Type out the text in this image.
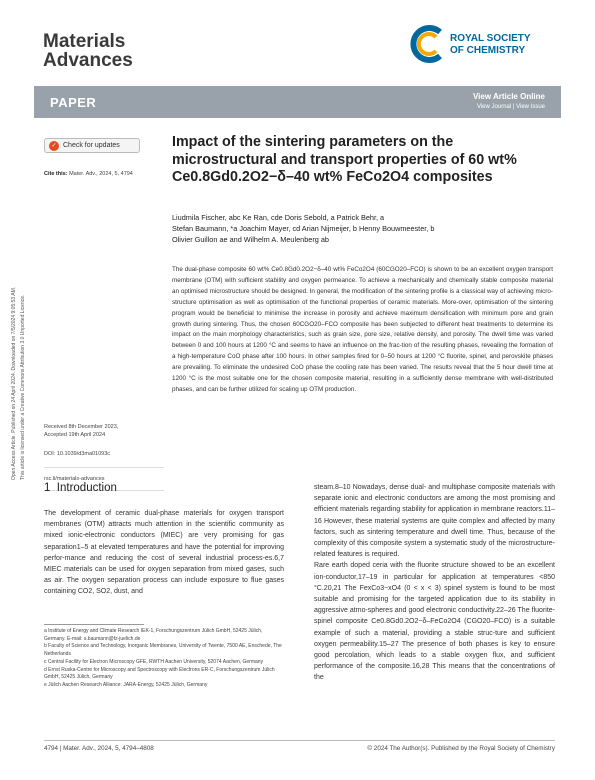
Materials
Advances
ROYAL SOCIETY
OF CHEMISTRY
PAPER	View Article Online
View Journal | View Issue
✓ Check for updates
Cite this: Mater. Adv., 2024, 5, 4794
Impact of the sintering parameters on the microstructural and transport properties of 60 wt% Ce0.8Gd0.2O2−δ–40 wt% FeCo2O4 composites
Liudmila Fischer, abc Ke Ran, cde Doris Sebold, a Patrick Behr, a
Stefan Baumann, *a Joachim Mayer, cd Arian Nijmeijer, b Henny Bouwmeester, b
Olivier Guillon ae and Wilhelm A. Meulenberg ab
The dual-phase composite 60 wt% Ce0.8Gd0.2O2−δ–40 wt% FeCo2O4 (60CGO20–FCO) is shown to be an excellent oxygen transport membrane (OTM) with sufficient stability and oxygen permeance. To achieve a mechanically and chemically stable composite material an optimised microstructure should be designed. In general, the modification of the sintering profile is a classical way of achieving micro-structure optimisation as well as optimisation of the functional properties of ceramic materials. More-over, optimisation of the sintering program would be beneficial to minimise the increase in porosity and achieve maximum densification with minimum pore and grain growth during sintering. Thus, the chosen 60CGO20–FCO composite has been subjected to different heat treatments to determine its impact on the main morphology characteristics, such as grain size, pore size, relative density, and porosity. The dwell time was varied between 0 and 100 hours at 1200 °C and seems to have an influence on the frac-tion of the resulting phases, revealing the formation of a high-temperature CoO phase after 100 hours. In other samples fired for 0–50 hours at 1200 °C fluorite, spinel, and perovskite phases are prevailing. To eliminate the undesired CoO phase the cooling rate has been varied. The results reveal that the 5 hour dwell time at 1200 °C is the most suitable one for the chosen composite material, resulting in a sufficiently dense membrane with well-distributed phases, and can be further utilized for scaling up OTM production.
Received 8th December 2023,
Accepted 19th April 2024
DOI: 10.1039/d3ma01093c
rsc.li/materials-advances
Open Access Article. Published on 24 April 2024. Downloaded on 7/5/2024 9:05:53 AM. This article is licensed under a Creative Commons Attribution 3.0 Unported Licence.
1 Introduction
The development of ceramic dual-phase materials for oxygen transport membranes (OTM) attracts much attention in the scientific community as mixed ionic-electronic conductors (MIEC) are very promising for gas separation1–5 at elevated temperatures and have the potential for improving perfor-mance and reducing the cost of several industrial process-es.6,7 MIEC materials can be used for oxygen separation from mixed gases, such as air. The oxygen separation process can include exposure to flue gases containing CO2, SO2, dust, and
steam.8–10 Nowadays, dense dual- and multiphase composite materials with separate ionic and electronic conductors are among the most promising and efficient materials regarding stability for application in membrane reactors.11–16 However, these material systems are quite complex and affected by many factors, such as sintering temperature and dwell time. Thus, because of the complexity of this composite system a systematic study of the microstructure-related features is required.
Rare earth doped ceria with the fluorite structure showed to be an excellent ion-conductor,17–19 in particular for application at temperatures <850 °C.20,21 The FexCo3−xO4 (0 < x < 3) spinel system is found to be most suitable and promising for the targeted application due to its stability in aggressive atmo-spheres and good electronic conductivity.22–26 The fluorite-spinel composite Ce0.8Gd0.2O2−δ–FeCo2O4 (CGO20–FCO) is a suitable example of such a material, providing a stable struc-ture and sufficient oxygen permeability.15–27 The presence of both phases is key to ensure good percolation, which leads to a stable oxygen flux, and sufficient performance of the composite.16,28 This means that the concentrations of the
a Institute of Energy and Climate Research IEK-1, Forschungszentrum Jülich GmbH, 52425 Jülich, Germany. E-mail: s.baumann@fz-juelich.de
b Faculty of Science and Technology, Inorganic Membranes, University of Twente, 7500 AE, Enschede, The Netherlands
c Central Facility for Electron Microscopy GFE, RWTH Aachen University, 52074 Aachen, Germany
d Ernst Ruska-Centre for Microscopy and Spectroscopy with Electrons ER-C, Forschungszentrum Jülich GmbH, 52425 Jülich, Germany
e Jülich Aachen Research Alliance: JARA-Energy, 52425 Jülich, Germany
4794 | Mater. Adv., 2024, 5, 4794–4808	© 2024 The Author(s). Published by the Royal Society of Chemistry
